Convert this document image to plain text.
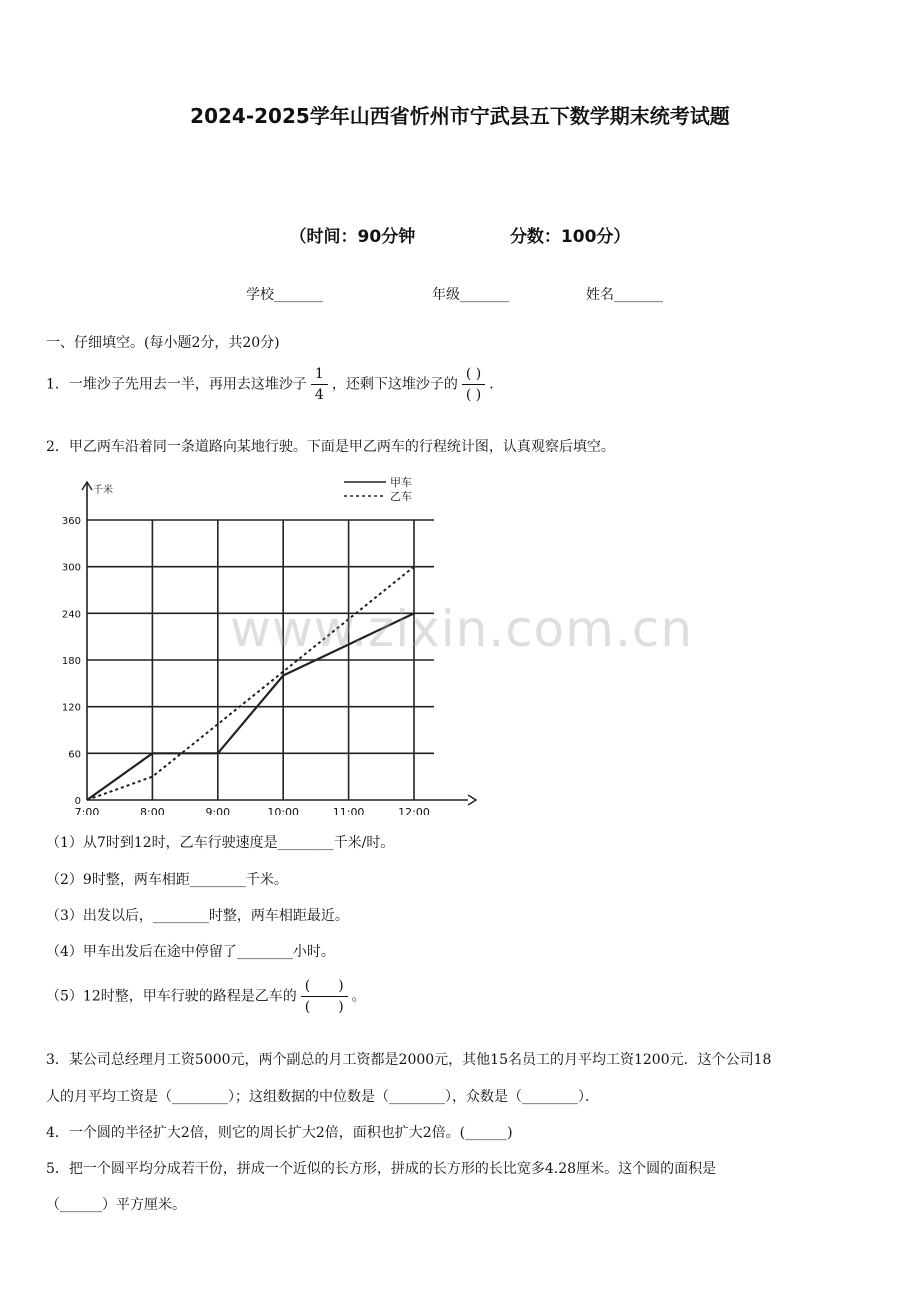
2024-2025学年山西省忻州市宁武县五下数学期末统考试题
（时间：90分钟	分数：100分）
学校_______	年级_______	姓名_______
一、仔细填空。(每小题2分，共20分)
1．一堆沙子先用去一半，再用去这堆沙子 $\frac{1}{4}$ ，还剩下这堆沙子的 $\frac{( )}{( )}$ ．
2．甲乙两车沿着同一条道路向某地行驶。下面是甲乙两车的行程统计图，认真观察后填空。
0
60
120
180
240
300
360
7:00	8:00	9:00	10:00	11:00	12:00
千米
甲车
乙车
www.zixin.com.cn
（1）从7时到12时，乙车行驶速度是________千米/时。
（2）9时整，两车相距________千米。
（3）出发以后，________时整，两车相距最近。
（4）甲车出发后在途中停留了________小时。
（5）12时整，甲车行驶的路程是乙车的 $\frac{( )}{( )}$ 。
3．某公司总经理月工资5000元，两个副总的月工资都是2000元，其他15名员工的月平均工资1200元．这个公司18
人的月平均工资是（________）；这组数据的中位数是（________），众数是（________）．
4．一个圆的半径扩大2倍，则它的周长扩大2倍，面积也扩大2倍。(______)
5．把一个圆平均分成若干份，拼成一个近似的长方形，拼成的长方形的长比宽多4.28厘米。这个圆的面积是
（______）平方厘米。
